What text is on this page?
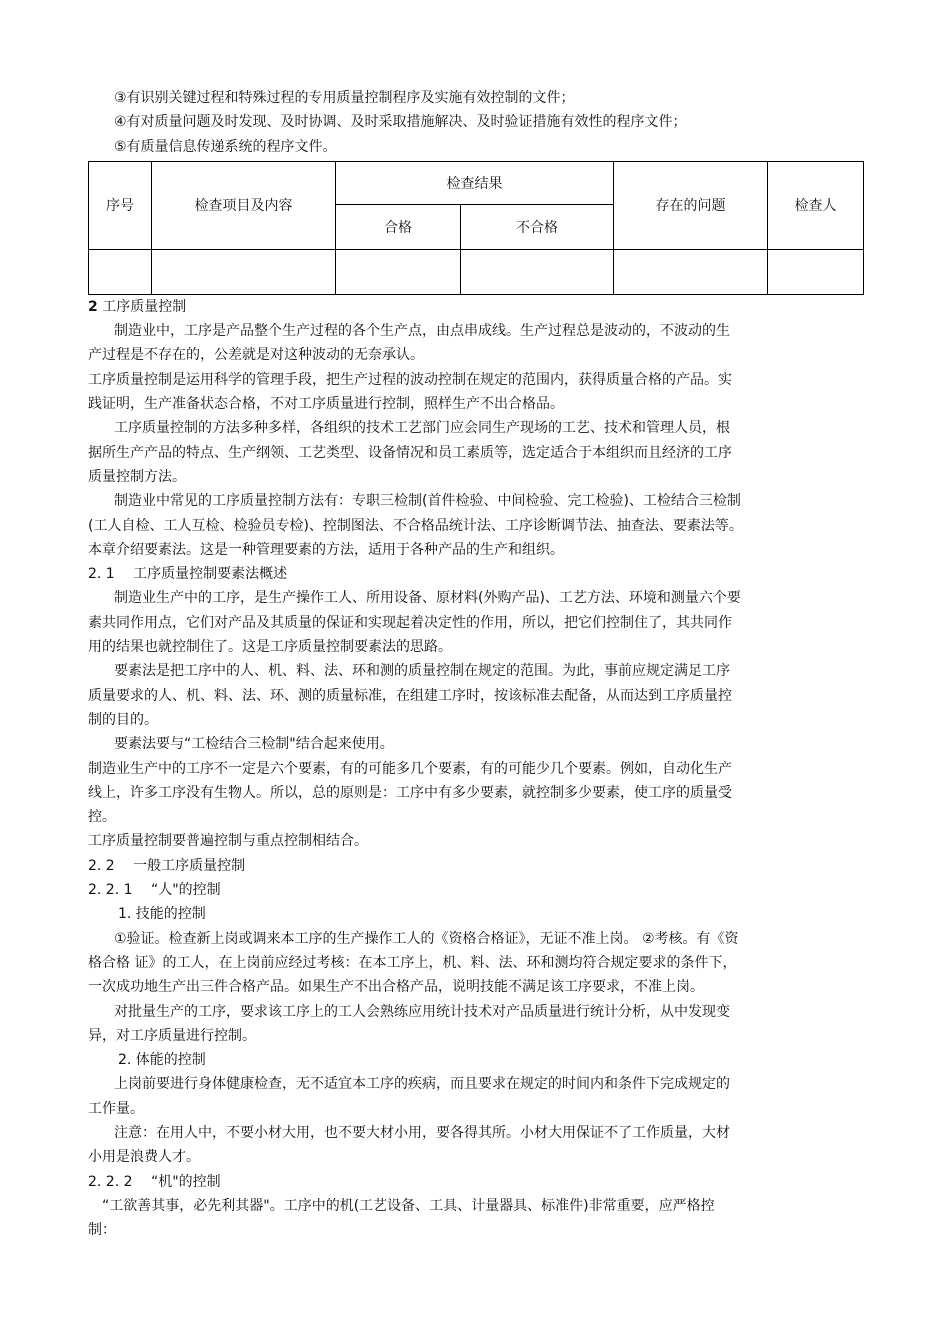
③有识别关键过程和特殊过程的专用质量控制程序及实施有效控制的文件；

④有对质量问题及时发现、及时协调、及时采取措施解决、及时验证措施有效性的程序文件；

⑤有质量信息传递系统的程序文件。

序号	检查项目及内容	检查结果		存在的问题	检查人
		合格	不合格		

2 工序质量控制

制造业中，工序是产品整个生产过程的各个生产点，由点串成线。生产过程总是波动的，不波动的生

产过程是不存在的，公差就是对这种波动的无奈承认。

工序质量控制是运用科学的管理手段，把生产过程的波动控制在规定的范围内，获得质量合格的产品。实

践证明，生产准备状态合格，不对工序质量进行控制，照样生产不出合格品。

工序质量控制的方法多种多样，各组织的技术工艺部门应会同生产现场的工艺、技术和管理人员，根

据所生产产品的特点、生产纲领、工艺类型、设备情况和员工素质等，选定适合于本组织而且经济的工序

质量控制方法。

制造业中常见的工序质量控制方法有：专职三检制(首件检验、中间检验、完工检验)、工检结合三检制

(工人自检、工人互检、检验员专检)、控制图法、不合格品统计法、工序诊断调节法、抽查法、要素法等。

本章介绍要素法。这是一种管理要素的方法，适用于各种产品的生产和组织。

2. 1　 工序质量控制要素法概述

制造业生产中的工序，是生产操作工人、所用设备、原材料(外购产品)、工艺方法、环境和测量六个要

素共同作用点，它们对产品及其质量的保证和实现起着决定性的作用，所以，把它们控制住了，其共同作

用的结果也就控制住了。这是工序质量控制要素法的思路。

要素法是把工序中的人、机、料、法、环和测的质量控制在规定的范围。为此，事前应规定满足工序

质量要求的人、机、料、法、环、测的质量标准，在组建工序时，按该标准去配备，从而达到工序质量控

制的目的。

要素法要与“工检结合三检制"结合起来使用。

制造业生产中的工序不一定是六个要素，有的可能多几个要素，有的可能少几个要素。例如，自动化生产

线上，许多工序没有生物人。所以，总的原则是：工序中有多少要素，就控制多少要素，使工序的质量受

控。

工序质量控制要普遍控制与重点控制相结合。

2. 2　 一般工序质量控制

2. 2. 1　 “人"的控制

1. 技能的控制

①验证。检查新上岗或调来本工序的生产操作工人的《资格合格证》，无证不准上岗。 ②考核。有《资

格合格 证》的工人，在上岗前应经过考核：在本工序上，机、料、法、环和测均符合规定要求的条件下，

一次成功地生产出三件合格产品。如果生产不出合格产品，说明技能不满足该工序要求，不准上岗。

对批量生产的工序，要求该工序上的工人会熟练应用统计技术对产品质量进行统计分析，从中发现变

异，对工序质量进行控制。

2. 体能的控制

上岗前要进行身体健康检查，无不适宜本工序的疾病，而且要求在规定的时间内和条件下完成规定的

工作量。

注意：在用人中，不要小材大用，也不要大材小用，要各得其所。小材大用保证不了工作质量，大材

小用是浪费人才。

2. 2. 2　 “机"的控制

“工欲善其事，必先利其器"。工序中的机(工艺设备、工具、计量器具、标准件)非常重要，应严格控

制：
